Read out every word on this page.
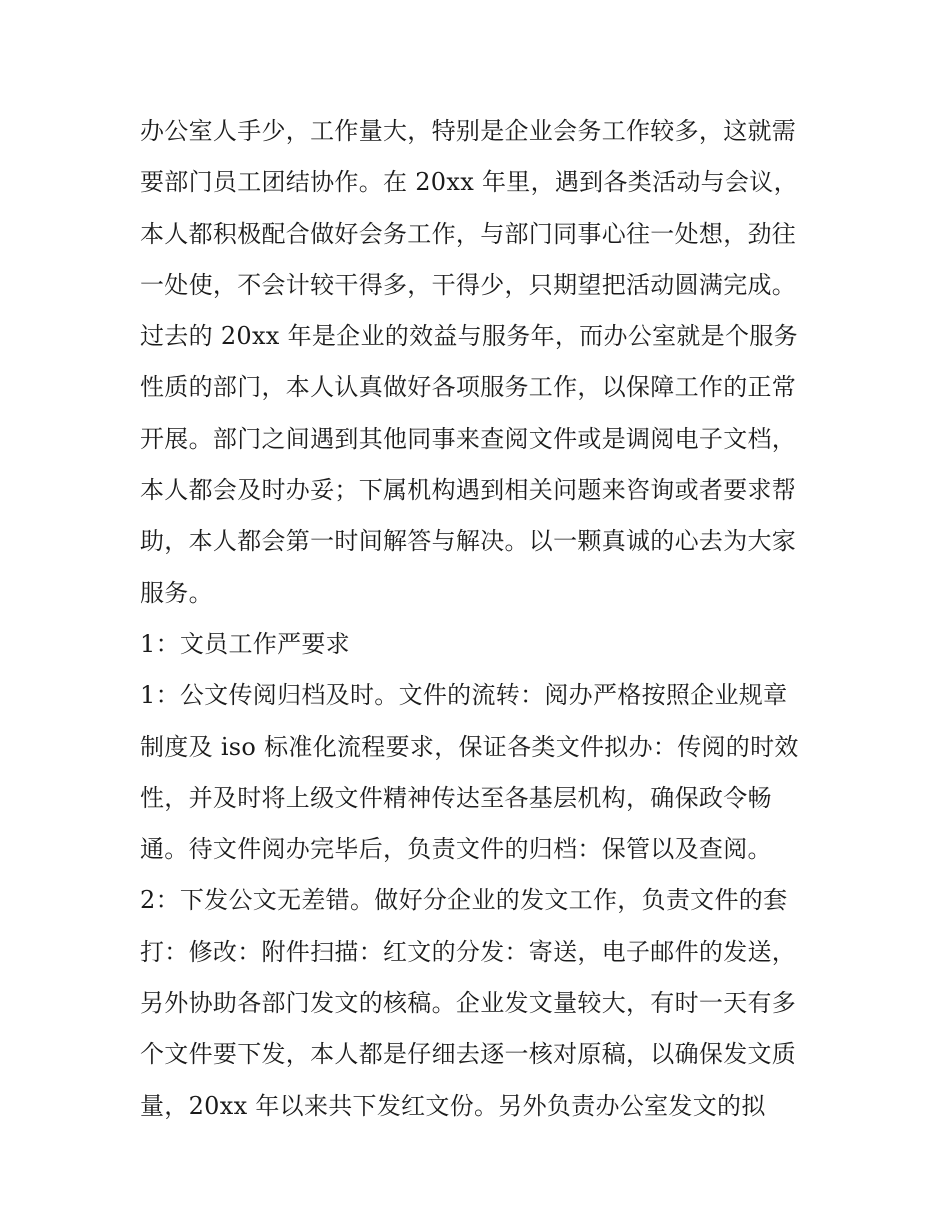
办公室人手少，工作量大，特别是企业会务工作较多，这就需
要部门员工团结协作。在 20xx 年里，遇到各类活动与会议，
本人都积极配合做好会务工作，与部门同事心往一处想，劲往
一处使，不会计较干得多，干得少，只期望把活动圆满完成。
过去的 20xx 年是企业的效益与服务年，而办公室就是个服务
性质的部门，本人认真做好各项服务工作，以保障工作的正常
开展。部门之间遇到其他同事来查阅文件或是调阅电子文档，
本人都会及时办妥；下属机构遇到相关问题来咨询或者要求帮
助，本人都会第一时间解答与解决。以一颗真诚的心去为大家
服务。
1：文员工作严要求
1：公文传阅归档及时。文件的流转：阅办严格按照企业规章
制度及 iso 标准化流程要求，保证各类文件拟办：传阅的时效
性，并及时将上级文件精神传达至各基层机构，确保政令畅
通。待文件阅办完毕后，负责文件的归档：保管以及查阅。
2：下发公文无差错。做好分企业的发文工作，负责文件的套
打：修改：附件扫描：红文的分发：寄送，电子邮件的发送，
另外协助各部门发文的核稿。企业发文量较大，有时一天有多
个文件要下发，本人都是仔细去逐一核对原稿，以确保发文质
量，20xx 年以来共下发红文份。另外负责办公室发文的拟
